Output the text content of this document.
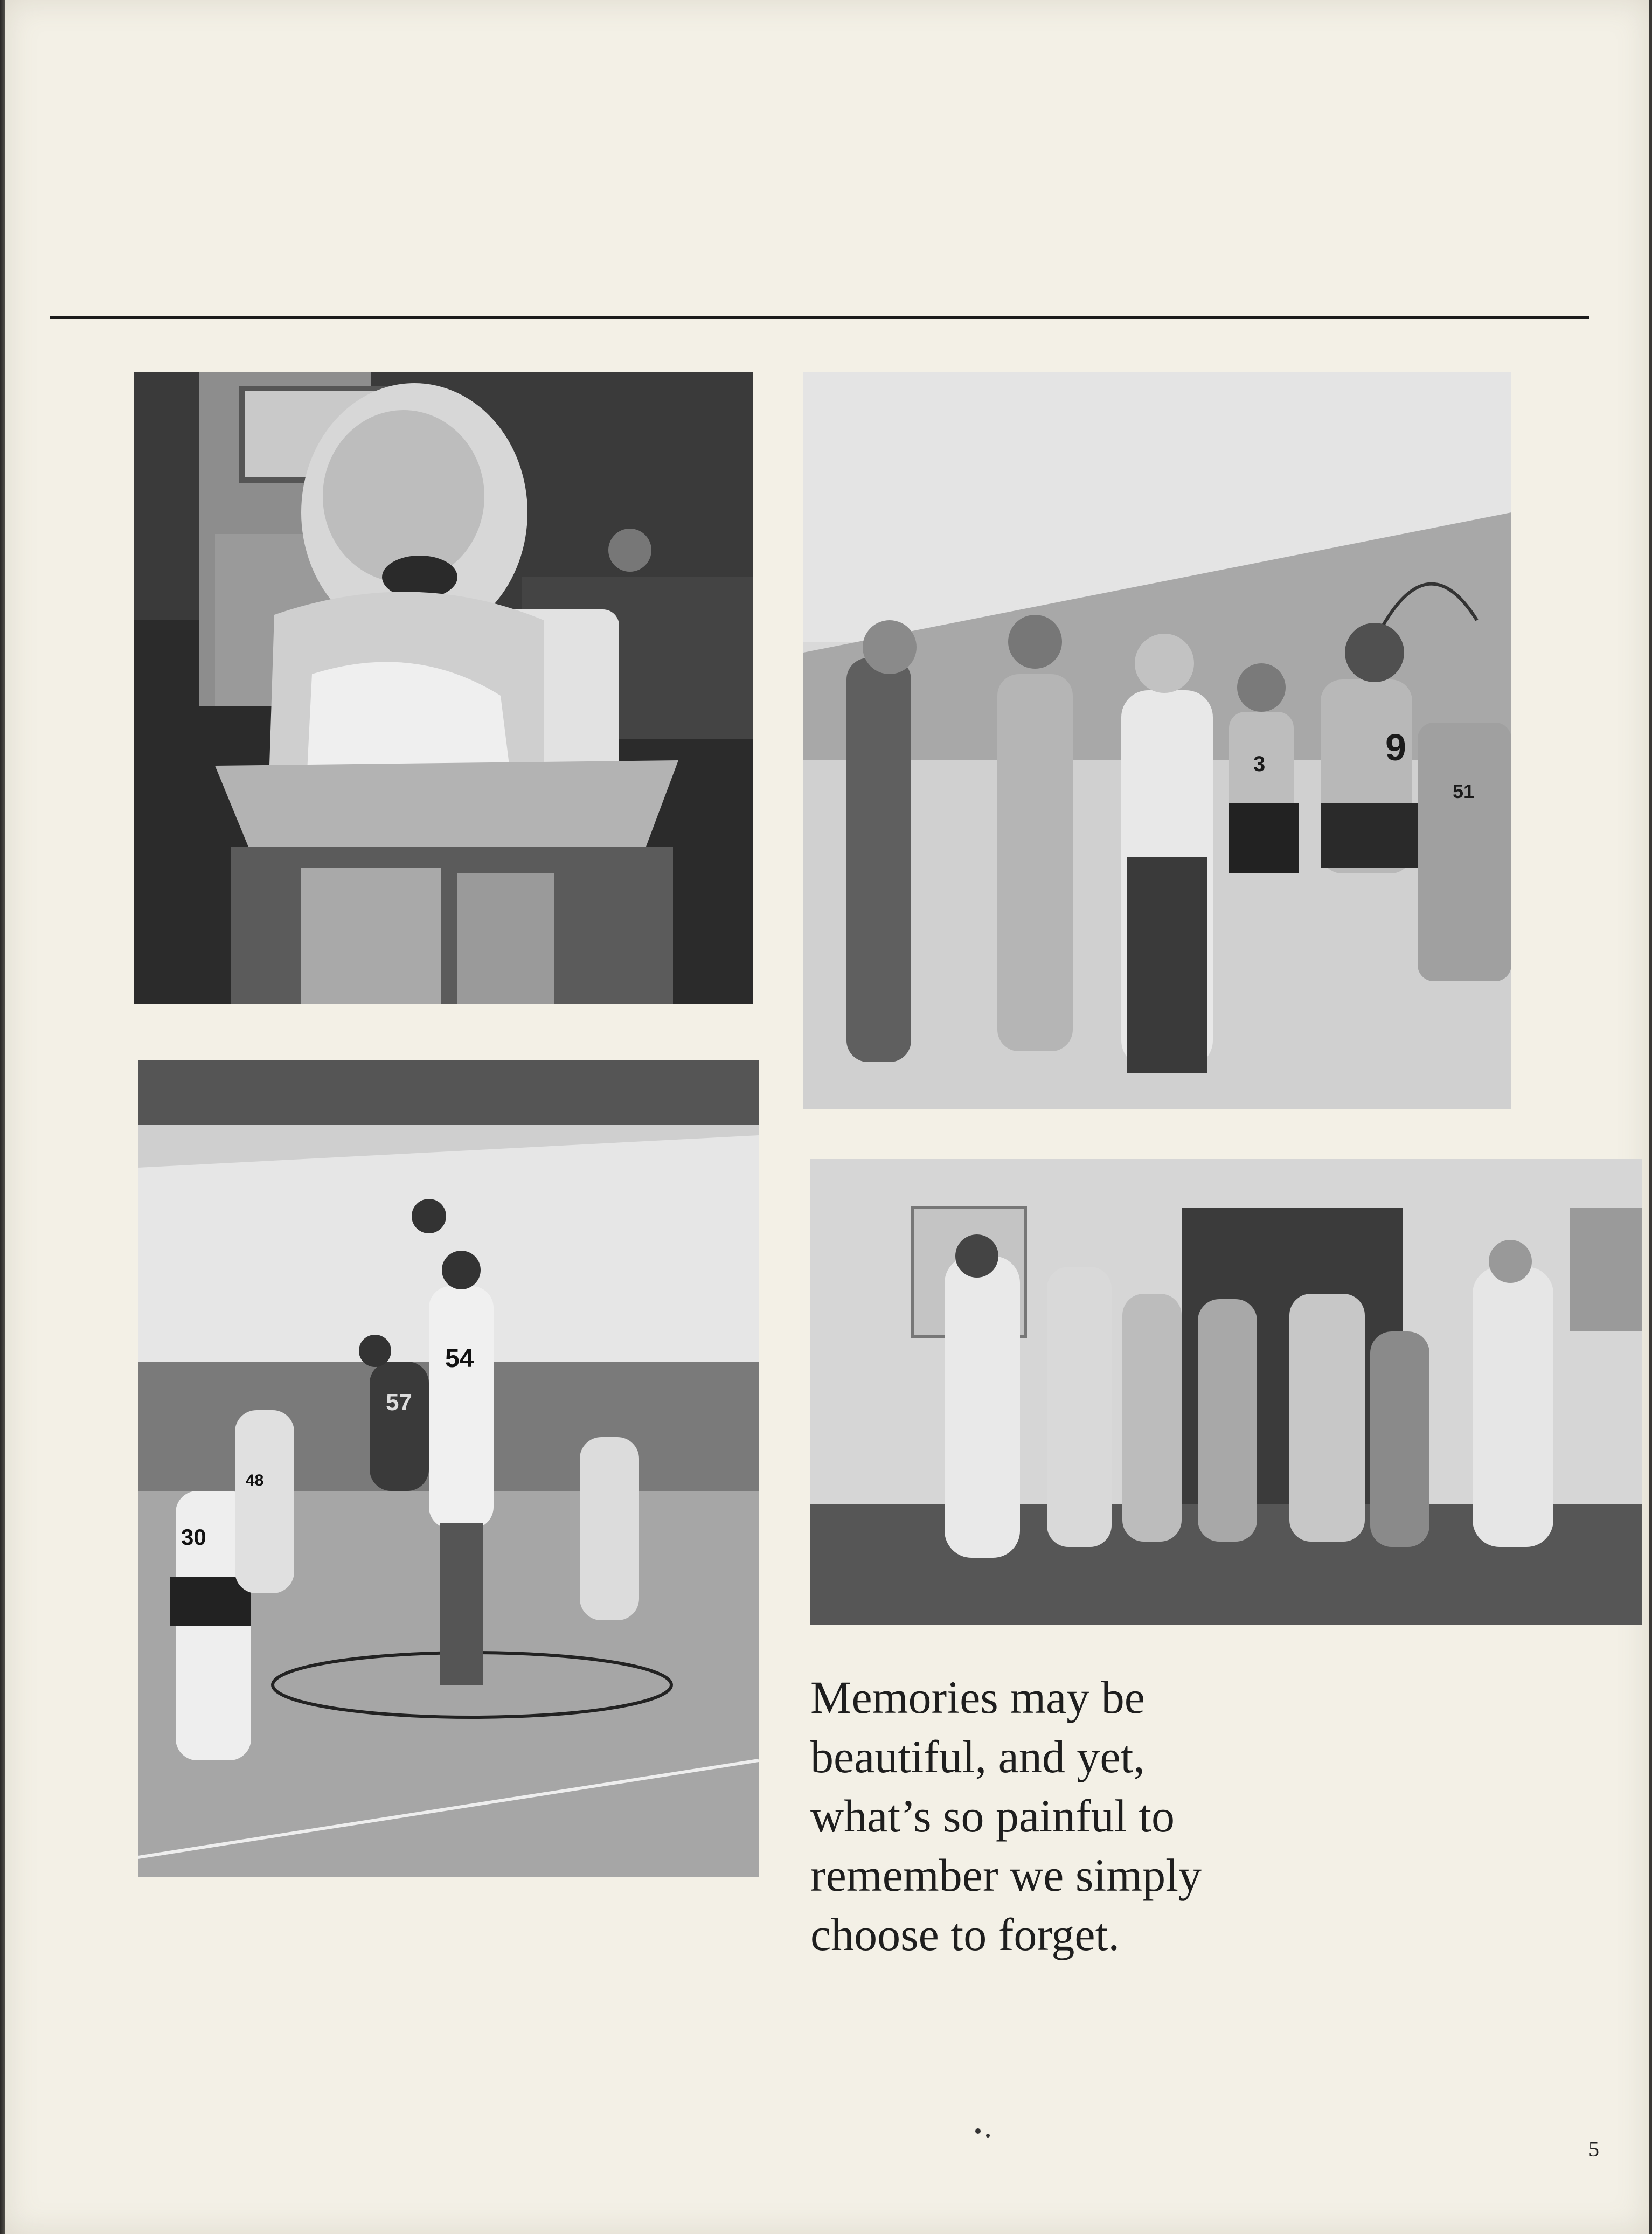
9
3
51
54
57
30
48
Memories may be
beautiful, and yet,
what’s so painful to
remember we simply
choose to forget.
5
